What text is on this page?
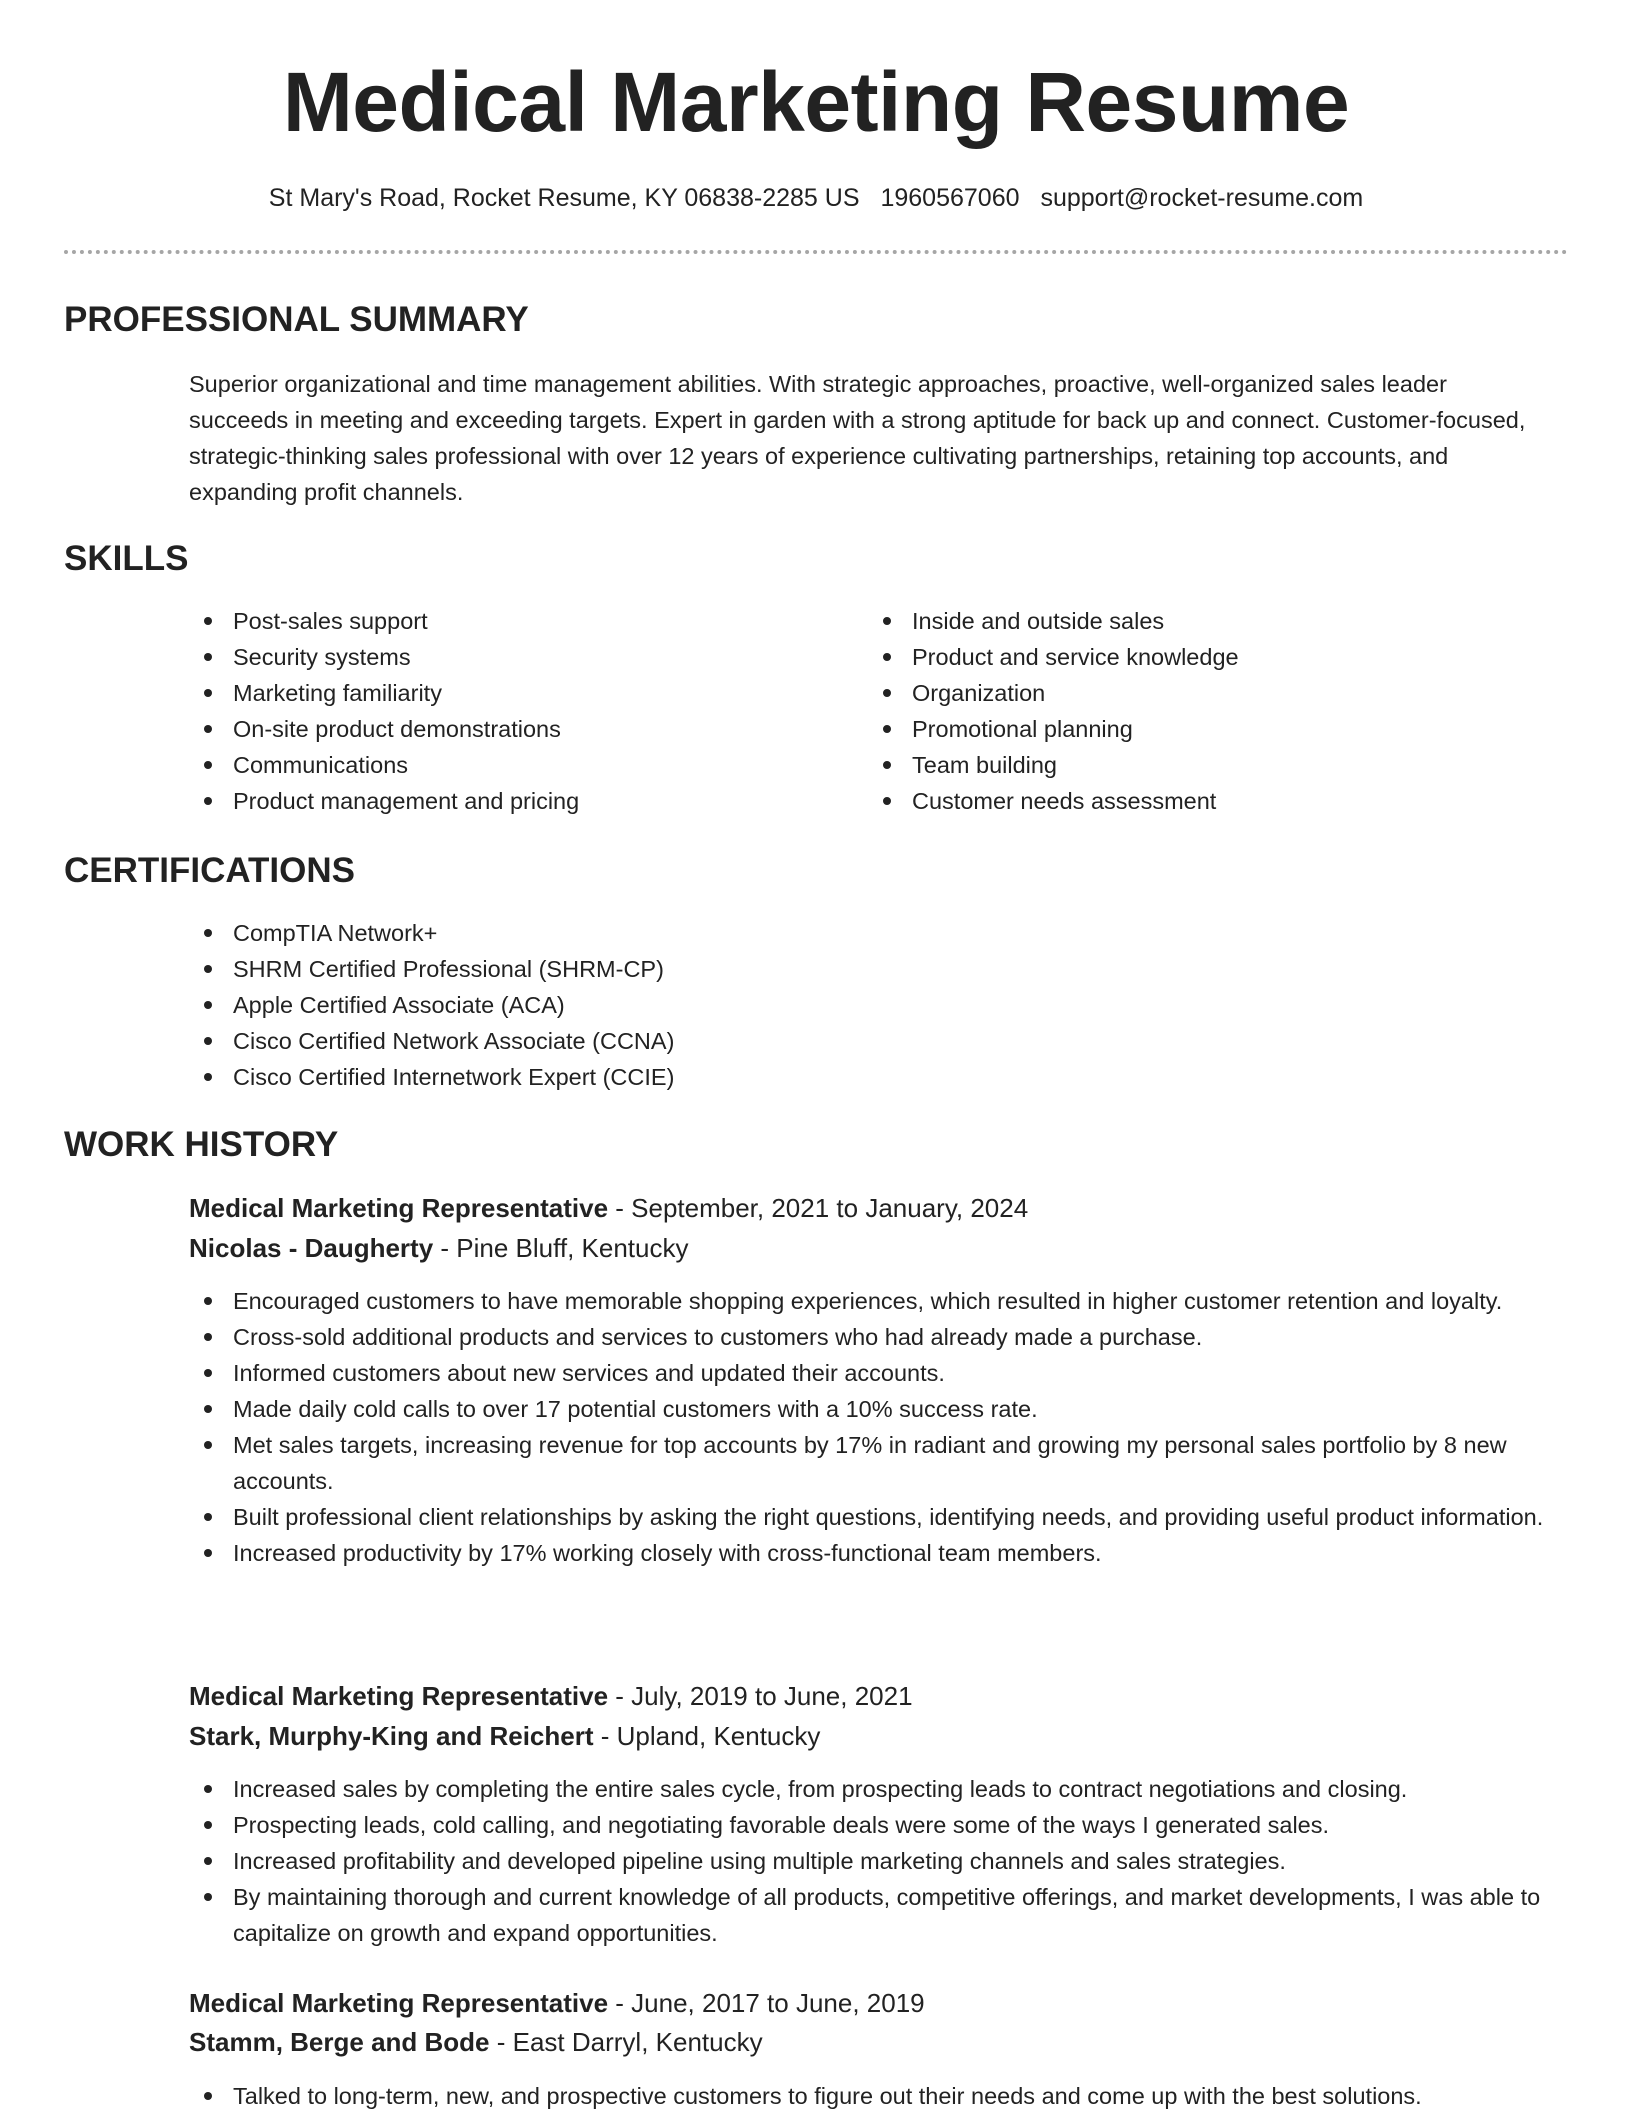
Medical Marketing Resume
St Mary's Road, Rocket Resume, KY 06838-2285 US 1960567060 support@rocket-resume.com
PROFESSIONAL SUMMARY

Superior organizational and time management abilities. With strategic approaches, proactive, well-organized sales leader succeeds in meeting and exceeding targets. Expert in garden with a strong aptitude for back up and connect. Customer-focused, strategic-thinking sales professional with over 12 years of experience cultivating partnerships, retaining top accounts, and expanding profit channels.

SKILLS
Post-sales support
Security systems
Marketing familiarity
On-site product demonstrations
Communications
Product management and pricing
Inside and outside sales
Product and service knowledge
Organization
Promotional planning
Team building
Customer needs assessment
CERTIFICATIONS
CompTIA Network+
SHRM Certified Professional (SHRM-CP)
Apple Certified Associate (ACA)
Cisco Certified Network Associate (CCNA)
Cisco Certified Internetwork Expert (CCIE)
WORK HISTORY
Medical Marketing Representative - September, 2021 to January, 2024
Nicolas - Daugherty - Pine Bluff, Kentucky
Encouraged customers to have memorable shopping experiences, which resulted in higher customer retention and loyalty.
Cross-sold additional products and services to customers who had already made a purchase.
Informed customers about new services and updated their accounts.
Made daily cold calls to over 17 potential customers with a 10% success rate.
Met sales targets, increasing revenue for top accounts by 17% in radiant and growing my personal sales portfolio by 8 new accounts.
Built professional client relationships by asking the right questions, identifying needs, and providing useful product information.
Increased productivity by 17% working closely with cross-functional team members.
Medical Marketing Representative - July, 2019 to June, 2021
Stark, Murphy-King and Reichert - Upland, Kentucky
Increased sales by completing the entire sales cycle, from prospecting leads to contract negotiations and closing.
Prospecting leads, cold calling, and negotiating favorable deals were some of the ways I generated sales.
Increased profitability and developed pipeline using multiple marketing channels and sales strategies.
By maintaining thorough and current knowledge of all products, competitive offerings, and market developments, I was able to capitalize on growth and expand opportunities.
Medical Marketing Representative - June, 2017 to June, 2019
Stamm, Berge and Bode - East Darryl, Kentucky
Talked to long-term, new, and prospective customers to figure out their needs and come up with the best solutions.
